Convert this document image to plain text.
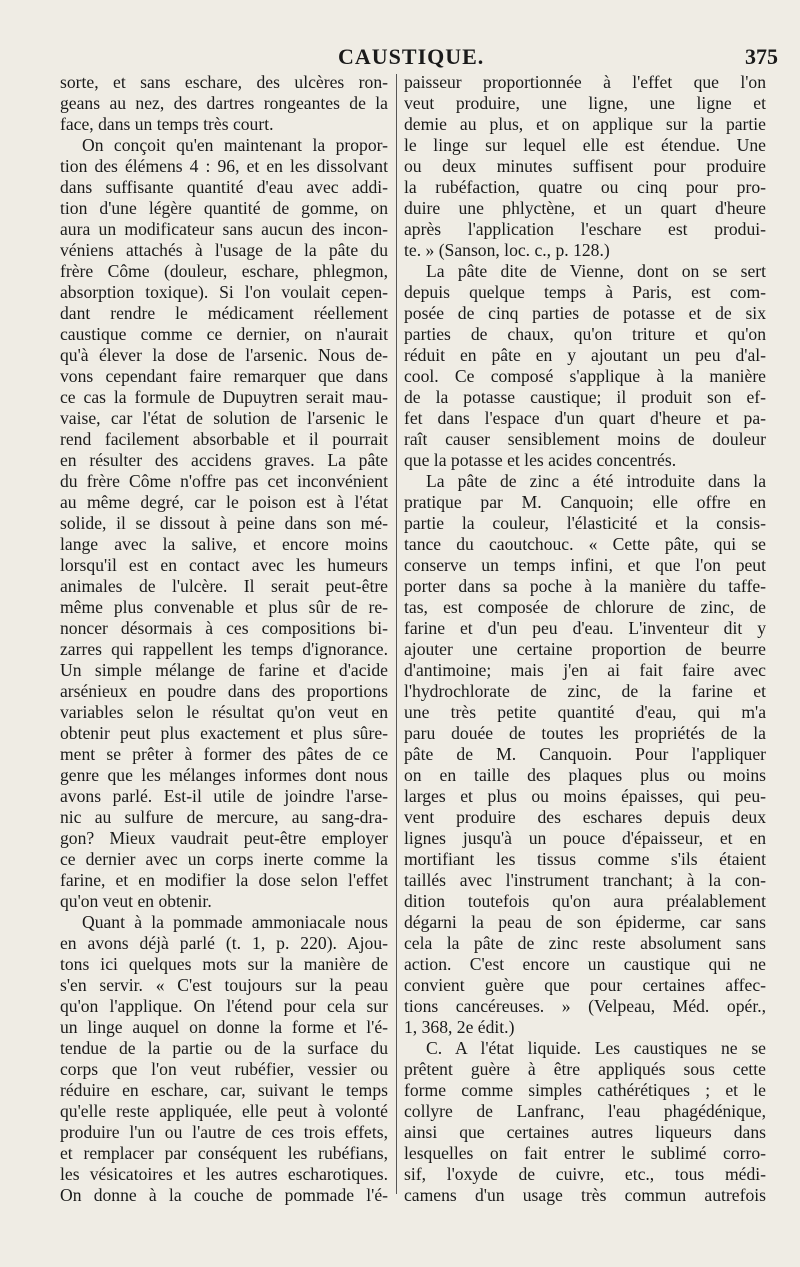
CAUSTIQUE.	375
sorte, et sans eschare, des ulcères ron-
geans au nez, des dartres rongeantes de la
face, dans un temps très court.
On conçoit qu'en maintenant la propor-
tion des élémens 4 : 96, et en les dissolvant
dans suffisante quantité d'eau avec addi-
tion d'une légère quantité de gomme, on
aura un modificateur sans aucun des incon-
véniens attachés à l'usage de la pâte du
frère Côme (douleur, eschare, phlegmon,
absorption toxique). Si l'on voulait cepen-
dant rendre le médicament réellement
caustique comme ce dernier, on n'aurait
qu'à élever la dose de l'arsenic. Nous de-
vons cependant faire remarquer que dans
ce cas la formule de Dupuytren serait mau-
vaise, car l'état de solution de l'arsenic le
rend facilement absorbable et il pourrait
en résulter des accidens graves. La pâte
du frère Côme n'offre pas cet inconvénient
au même degré, car le poison est à l'état
solide, il se dissout à peine dans son mé-
lange avec la salive, et encore moins
lorsqu'il est en contact avec les humeurs
animales de l'ulcère. Il serait peut-être
même plus convenable et plus sûr de re-
noncer désormais à ces compositions bi-
zarres qui rappellent les temps d'ignorance.
Un simple mélange de farine et d'acide
arsénieux en poudre dans des proportions
variables selon le résultat qu'on veut en
obtenir peut plus exactement et plus sûre-
ment se prêter à former des pâtes de ce
genre que les mélanges informes dont nous
avons parlé. Est-il utile de joindre l'arse-
nic au sulfure de mercure, au sang-dra-
gon? Mieux vaudrait peut-être employer
ce dernier avec un corps inerte comme la
farine, et en modifier la dose selon l'effet
qu'on veut en obtenir.
Quant à la pommade ammoniacale nous
en avons déjà parlé (t. 1, p. 220). Ajou-
tons ici quelques mots sur la manière de
s'en servir. « C'est toujours sur la peau
qu'on l'applique. On l'étend pour cela sur
un linge auquel on donne la forme et l'é-
tendue de la partie ou de la surface du
corps que l'on veut rubéfier, vessier ou
réduire en eschare, car, suivant le temps
qu'elle reste appliquée, elle peut à volonté
produire l'un ou l'autre de ces trois effets,
et remplacer par conséquent les rubéfians,
les vésicatoires et les autres escharotiques.
On donne à la couche de pommade l'é-
paisseur proportionnée à l'effet que l'on
veut produire, une ligne, une ligne et
demie au plus, et on applique sur la partie
le linge sur lequel elle est étendue. Une
ou deux minutes suffisent pour produire
la rubéfaction, quatre ou cinq pour pro-
duire une phlyctène, et un quart d'heure
après l'application l'eschare est produi-
te. » (Sanson, loc. c., p. 128.)
La pâte dite de Vienne, dont on se sert
depuis quelque temps à Paris, est com-
posée de cinq parties de potasse et de six
parties de chaux, qu'on triture et qu'on
réduit en pâte en y ajoutant un peu d'al-
cool. Ce composé s'applique à la manière
de la potasse caustique; il produit son ef-
fet dans l'espace d'un quart d'heure et pa-
raît causer sensiblement moins de douleur
que la potasse et les acides concentrés.
La pâte de zinc a été introduite dans la
pratique par M. Canquoin; elle offre en
partie la couleur, l'élasticité et la consis-
tance du caoutchouc. « Cette pâte, qui se
conserve un temps infini, et que l'on peut
porter dans sa poche à la manière du taffe-
tas, est composée de chlorure de zinc, de
farine et d'un peu d'eau. L'inventeur dit y
ajouter une certaine proportion de beurre
d'antimoine; mais j'en ai fait faire avec
l'hydrochlorate de zinc, de la farine et
une très petite quantité d'eau, qui m'a
paru douée de toutes les propriétés de la
pâte de M. Canquoin. Pour l'appliquer
on en taille des plaques plus ou moins
larges et plus ou moins épaisses, qui peu-
vent produire des eschares depuis deux
lignes jusqu'à un pouce d'épaisseur, et en
mortifiant les tissus comme s'ils étaient
taillés avec l'instrument tranchant; à la con-
dition toutefois qu'on aura préalablement
dégarni la peau de son épiderme, car sans
cela la pâte de zinc reste absolument sans
action. C'est encore un caustique qui ne
convient guère que pour certaines affec-
tions cancéreuses. » (Velpeau, Méd. opér.,
1, 368, 2e édit.)
C. A l'état liquide. Les caustiques ne se
prêtent guère à être appliqués sous cette
forme comme simples cathérétiques ; et le
collyre de Lanfranc, l'eau phagédénique,
ainsi que certaines autres liqueurs dans
lesquelles on fait entrer le sublimé corro-
sif, l'oxyde de cuivre, etc., tous médi-
camens d'un usage très commun autrefois
